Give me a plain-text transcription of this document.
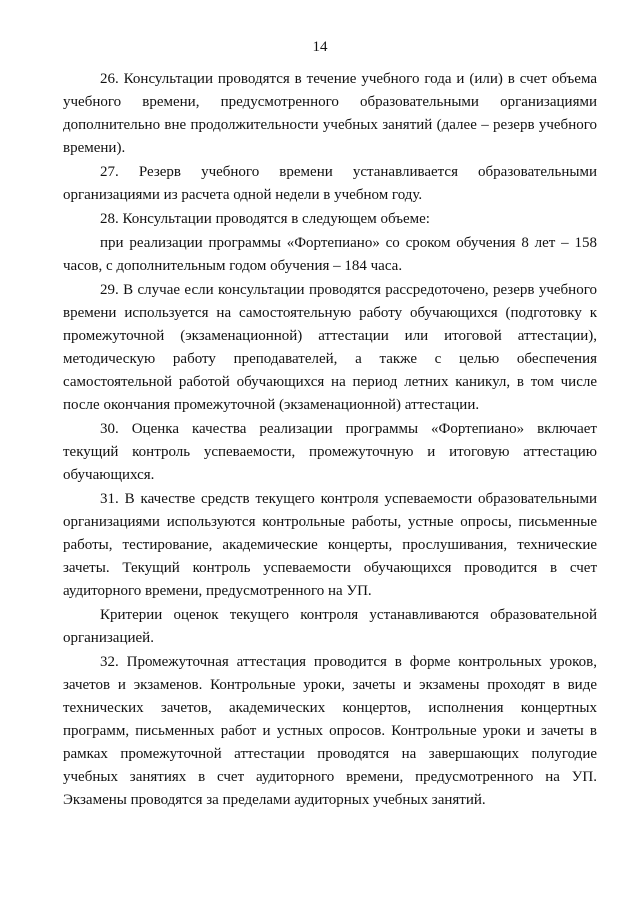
14

26. Консультации проводятся в течение учебного года и (или) в счет объема учебного времени, предусмотренного образовательными организациями дополнительно вне продолжительности учебных занятий (далее – резерв учебного времени).

27. Резерв учебного времени устанавливается образовательными организациями из расчета одной недели в учебном году.

28. Консультации проводятся в следующем объеме:

при реализации программы «Фортепиано» со сроком обучения 8 лет – 158 часов, с дополнительным годом обучения – 184 часа.

29. В случае если консультации проводятся рассредоточено, резерв учебного времени используется на самостоятельную работу обучающихся (подготовку к промежуточной (экзаменационной) аттестации или итоговой аттестации), методическую работу преподавателей, а также с целью обеспечения самостоятельной работой обучающихся на период летних каникул, в том числе после окончания промежуточной (экзаменационной) аттестации.

30. Оценка качества реализации программы «Фортепиано» включает текущий контроль успеваемости, промежуточную и итоговую аттестацию обучающихся.

31. В качестве средств текущего контроля успеваемости образовательными организациями используются контрольные работы, устные опросы, письменные работы, тестирование, академические концерты, прослушивания, технические зачеты. Текущий контроль успеваемости обучающихся проводится в счет аудиторного времени, предусмотренного на УП.

Критерии оценок текущего контроля устанавливаются образовательной организацией.

32. Промежуточная аттестация проводится в форме контрольных уроков, зачетов и экзаменов. Контрольные уроки, зачеты и экзамены проходят в виде технических зачетов, академических концертов, исполнения концертных программ, письменных работ и устных опросов. Контрольные уроки и зачеты в рамках промежуточной аттестации проводятся на завершающих полугодие учебных занятиях в счет аудиторного времени, предусмотренного на УП. Экзамены проводятся за пределами аудиторных учебных занятий.
